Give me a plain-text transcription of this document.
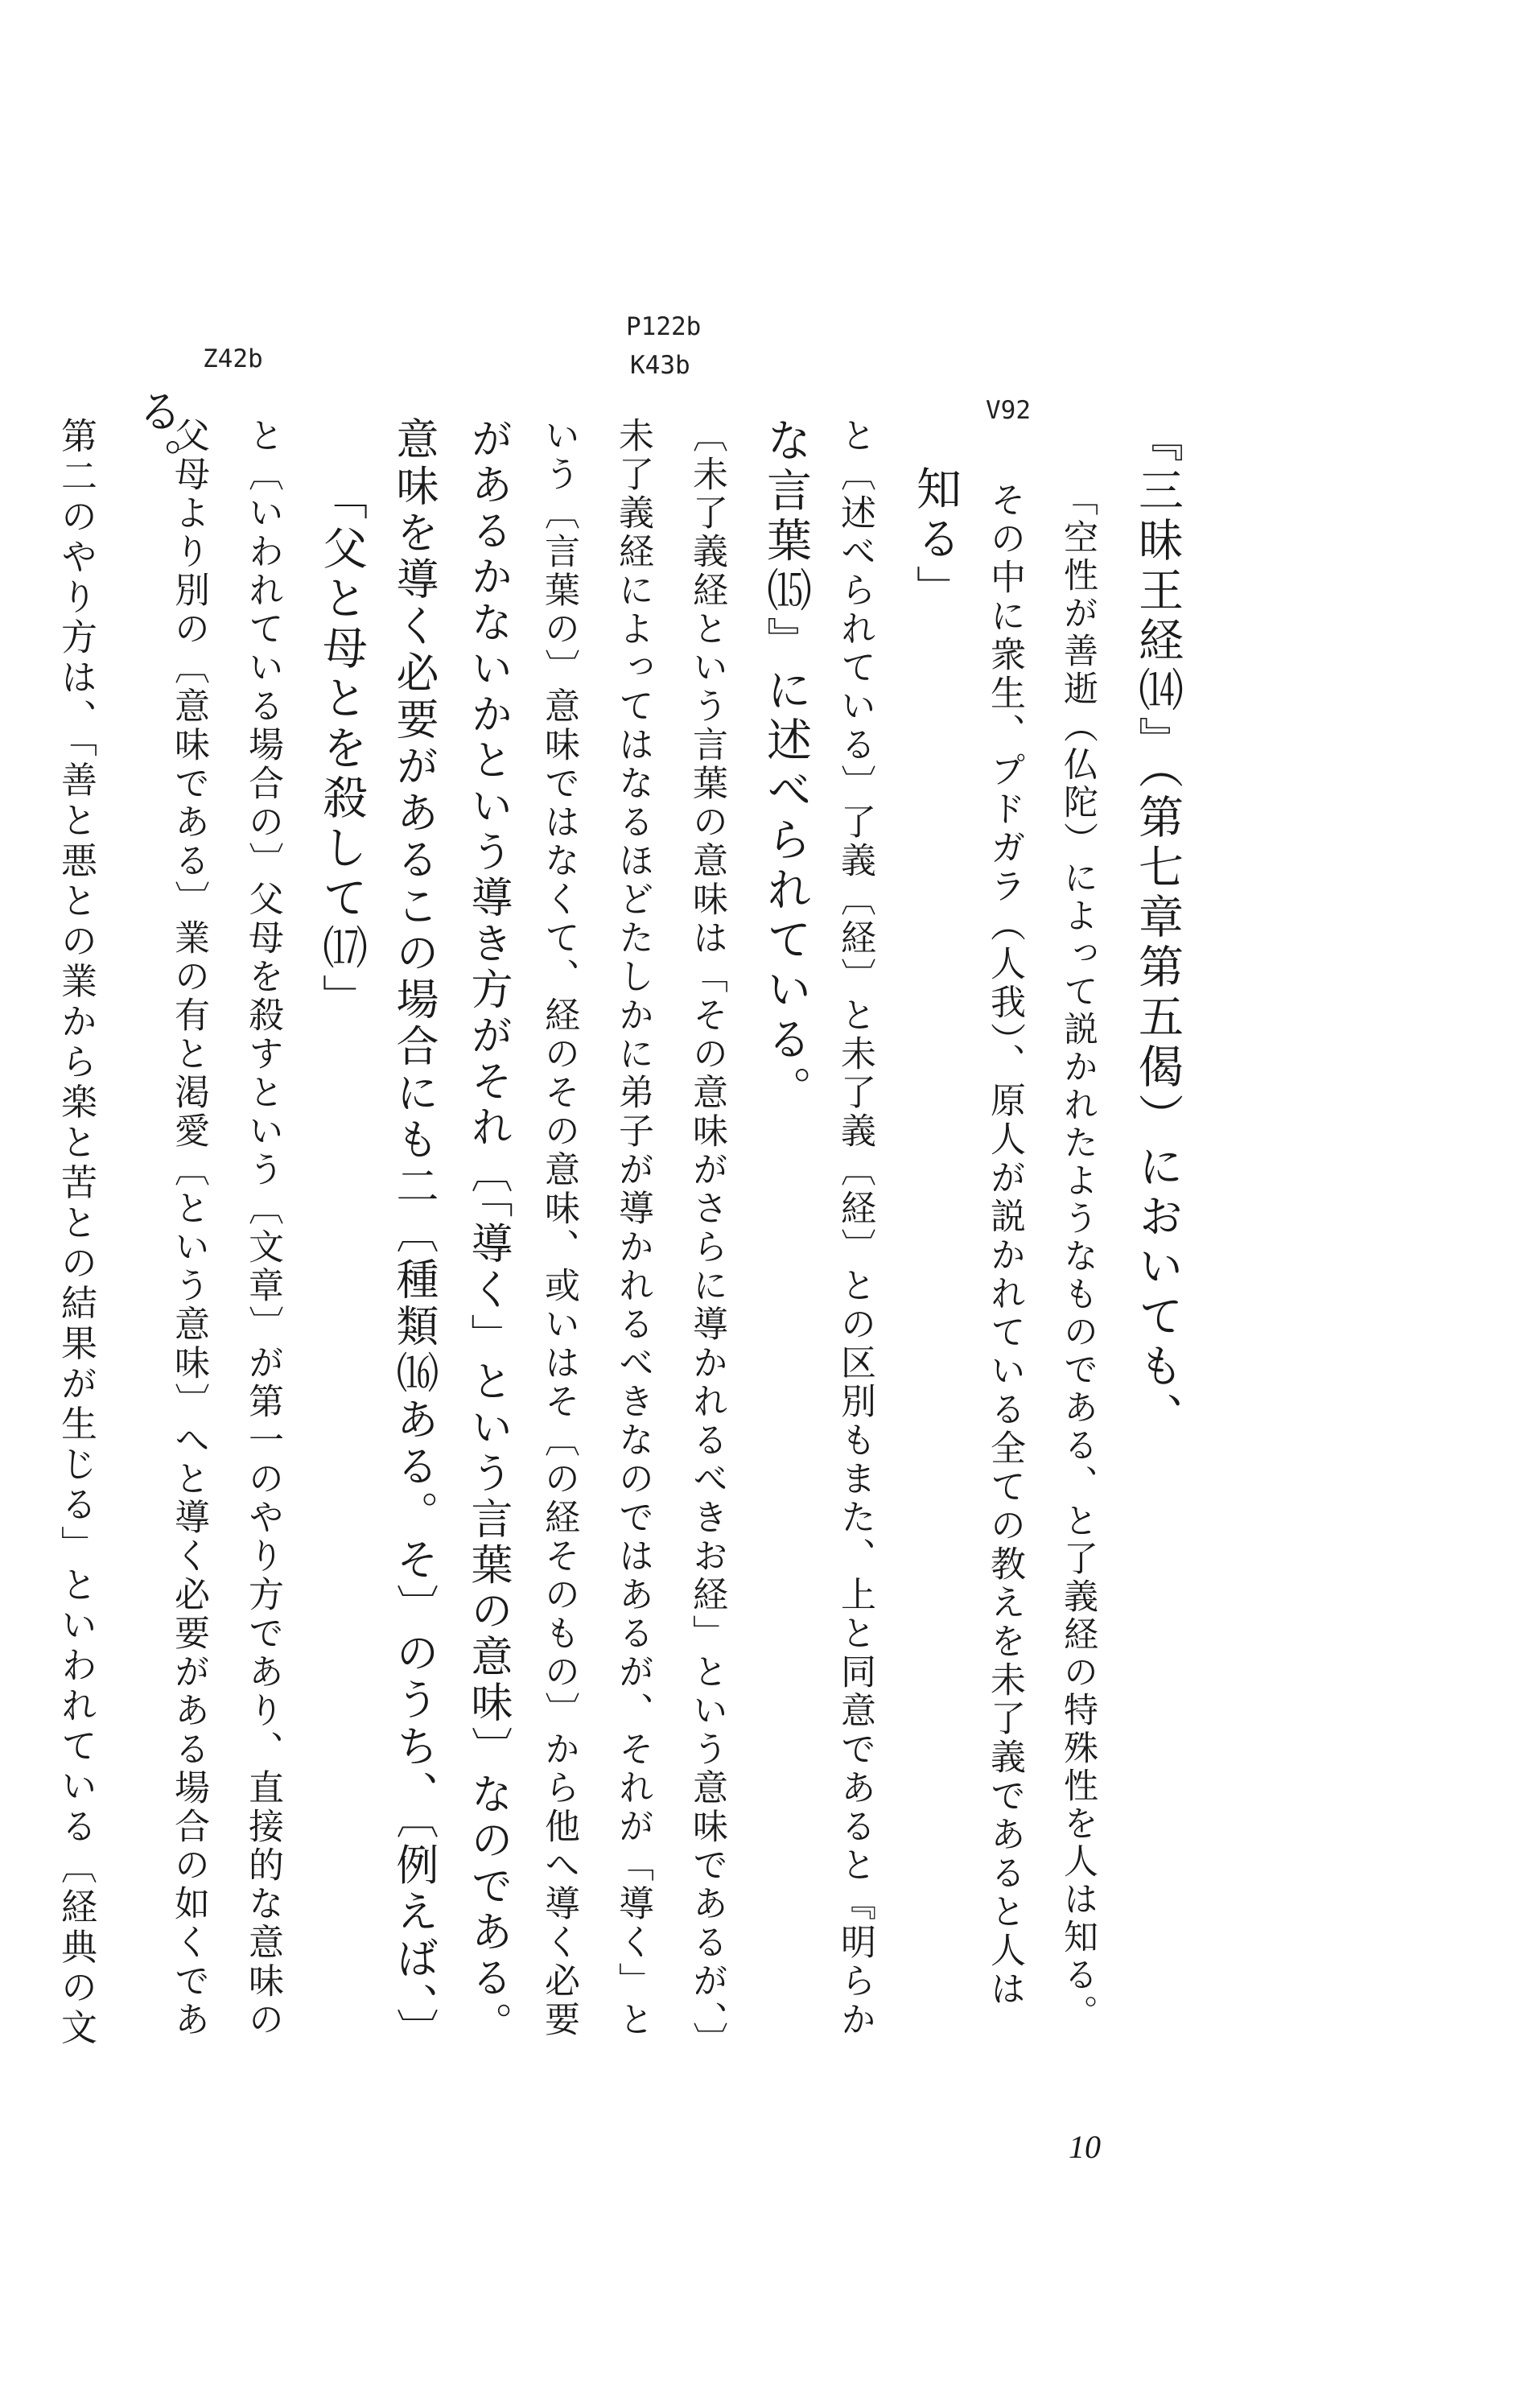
V92
P122b
K43b
Z42b
『三昧王経⒁』（第七章第五偈）においても、
「空性が善逝（仏陀）によって説かれたようなものである、と了義経の特殊性を人は知る。
その中に衆生、プドガラ（人我）、原人が説かれている全ての教えを未了義であると人は
知る」
と〔述べられている〕了義〔経〕と未了義〔経〕との区別もまた、上と同意であると『明らか
な言葉⒂』に述べられている。
〔未了義経という言葉の意味は「その意味がさらに導かれるべきお経」という意味であるが、〕
未了義経によってはなるほどたしかに弟子が導かれるべきなのではあるが、それが「導く」と
いう〔言葉の〕意味ではなくて、経のその意味、或いはそ〔の経そのもの〕から他へ導く必要
があるかないかという導き方がそれ〔「導く」という言葉の意味〕なのである。
意味を導く必要があるこの場合にも二〔種類⒃ある。そ〕のうち、〔例えば、〕
「父と母とを殺して⒄」
と〔いわれている場合の〕父母を殺すという〔文章〕が第一のやり方であり、直接的な意味の
父母より別の〔意味である〕業の有と渇愛〔という意味〕へと導く必要がある場合の如くであ
る。
第二のやり方は、「善と悪との業から楽と苦との結果が生じる」といわれている〔経典の文
10
